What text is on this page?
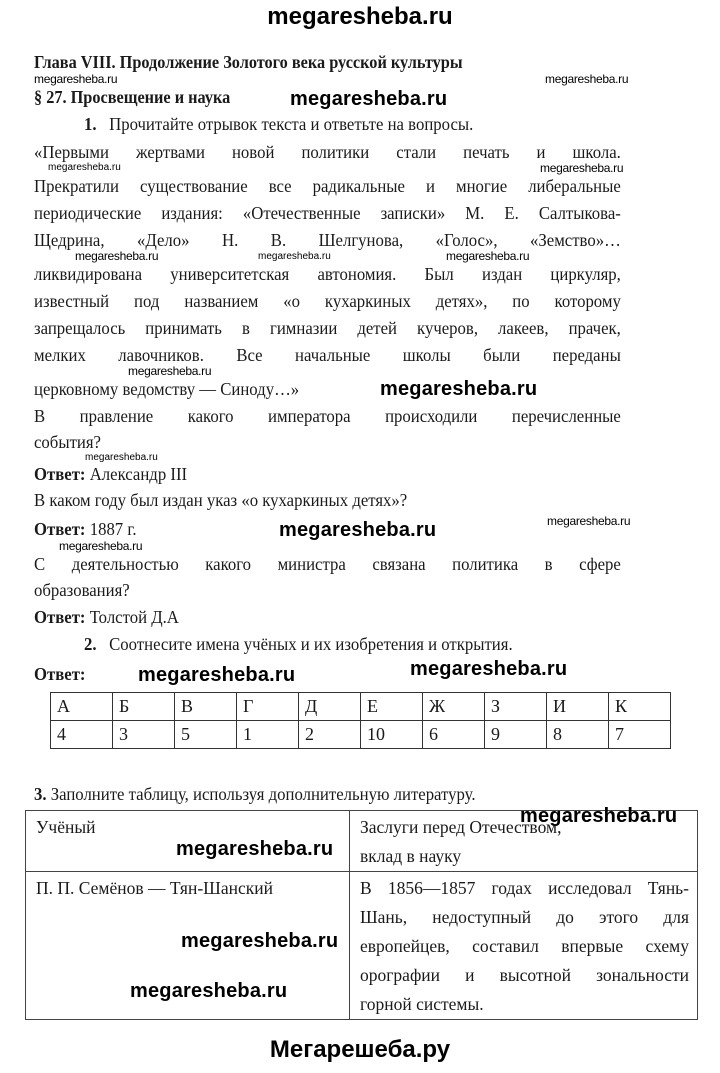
megaresheba.ru
Глава VIII. Продолжение Золотого века русской культуры
megaresheba.ru	megaresheba.ru
§ 27. Просвещение и наука	megaresheba.ru
1. Прочитайте отрывок текста и ответьте на вопросы.
«Первыми жертвами новой политики стали печать и школа.
megaresheba.ru	megaresheba.ru
Прекратили существование все радикальные и многие либеральные
периодические издания: «Отечественные записки» М. Е. Салтыкова-
Щедрина, «Дело» Н. В. Шелгунова, «Голос», «Земство»…
megaresheba.ru	megaresheba.ru	megaresheba.ru
ликвидирована университетская автономия. Был издан циркуляр,
известный под названием «о кухаркиных детях», по которому
запрещалось принимать в гимназии детей кучеров, лакеев, прачек,
мелких лавочников. Все начальные школы были переданы
megaresheba.ru
церковному ведомству — Синоду…»	megaresheba.ru
В правление какого императора происходили перечисленные
события?
megaresheba.ru
Ответ: Александр III
В каком году был издан указ «о кухаркиных детях»?
Ответ: 1887 г.	megaresheba.ru
megaresheba.ru
megaresheba.ru
С деятельностью какого министра связана политика в сфере
образования?
Ответ: Толстой Д.А
2. Соотнесите имена учёных и их изобретения и открытия.
Ответ:	megaresheba.ru	megaresheba.ru
А	Б	В	Г	Д	Е	Ж	З	И	К
4	3	5	1	2	10	6	9	8	7
3. Заполните таблицу, используя дополнительную литературу.
Учёный	Заслуги перед Отечеством,
вклад в науку

П. П. Семёнов — Тян-Шанский	В 1856—1857 годах исследовал Тянь-
Шань, недоступный до этого для
европейцев, составил впервые схему
орографии и высотной зональности
горной системы.
megaresheba.ru
megaresheba.ru
megaresheba.ru
megaresheba.ru
Мегарешеба.ру
